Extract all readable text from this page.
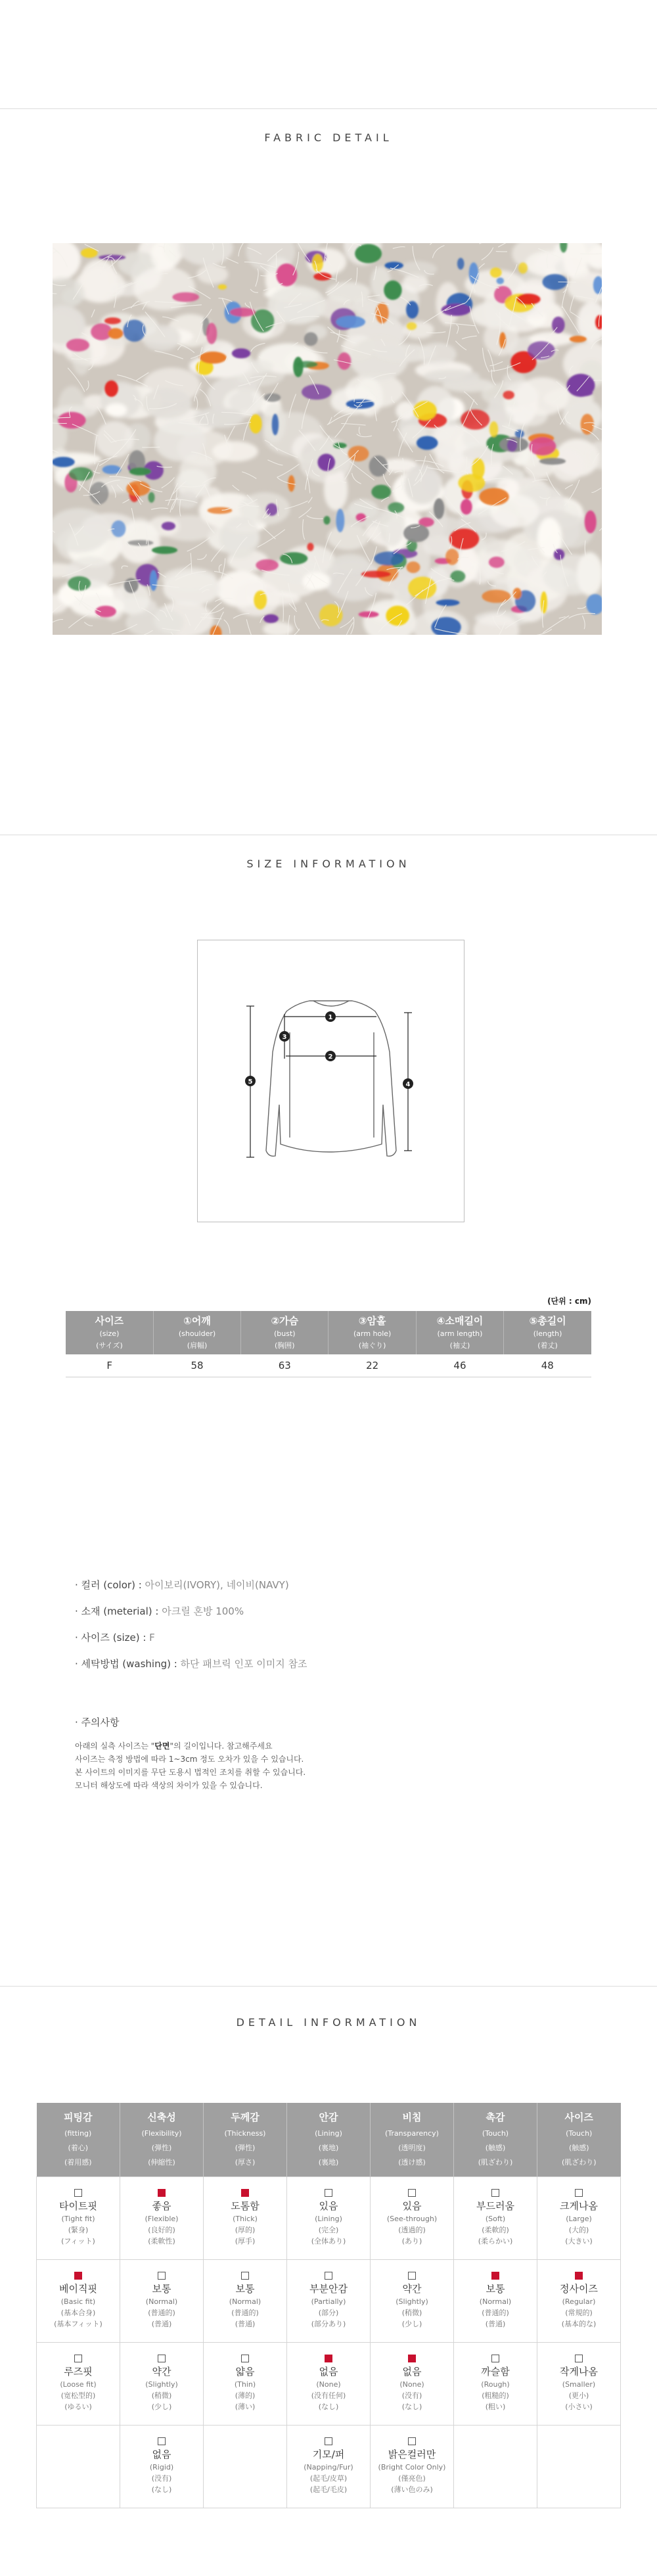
FABRIC DETAIL
SIZE INFORMATION
1
2
3
4
5
(단위 : cm)
사이즈
(size)
(サイズ)	①어깨
(shoulder)
(肩幅)	②가슴
(bust)
(胸囲)	③암홀
(arm hole)
(袖ぐり)	④소매길이
(arm length)
(袖丈)	⑤총길이
(length)
(着丈)

F	58	63	22	46	48
· 컬러 (color) : 아이보리(IVORY), 네이비(NAVY)
· 소재 (meterial) : 아크릴 혼방 100%
· 사이즈 (size) : F
· 세탁방법 (washing) : 하단 패브릭 인포 이미지 참조
· 주의사항
아래의 실측 사이즈는 "단면"의 길이입니다. 참고해주세요
사이즈는 측정 방법에 따라 1~3cm 정도 오차가 있을 수 있습니다.
본 사이트의 이미지를 무단 도용시 법적인 조치를 취할 수 있습니다.
모니터 해상도에 따라 색상의 차이가 있을 수 있습니다.
DETAIL INFORMATION
피팅감
(fitting)
(着心)
(着用感)	신축성
(Flexibility)
(弾性)
(伸縮性)	두께감
(Thickness)
(弾性)
(厚さ)	안감
(Lining)
(裏地)
(裏地)	비침
(Transparency)
(透明度)
(透け感)	촉감
(Touch)
(触感)
(肌ざわり)	사이즈
(Touch)
(触感)
(肌ざわり)

타이트핏
(Tight fit)
(緊身)
(フィット)	좋음
(Flexible)
(良好的)
(柔軟性)	도톰함
(Thick)
(厚的)
(厚手)	있음
(Lining)
(完全)
(全体あり)	있음
(See-through)
(透過的)
(あり)	부드러움
(Soft)
(柔軟的)
(柔らかい)	크게나옴
(Large)
(大的)
(大きい)

베이직핏
(Basic fit)
(基本合身)
(基本フィット)	보통
(Normal)
(普通的)
(普通)	보통
(Normal)
(普通的)
(普通)	부분안감
(Partially)
(部分)
(部分あり)	약간
(Slightly)
(稍微)
(少し)	보통
(Normal)
(普通的)
(普通)	정사이즈
(Regular)
(常規的)
(基本的な)

루즈핏
(Loose fit)
(宽松型的)
(ゆるい)	약간
(Slightly)
(稍微)
(少し)	얇음
(Thin)
(薄的)
(薄い)	없음
(None)
(没有任何)
(なし)	없음
(None)
(没有)
(なし)	까슬함
(Rough)
(粗糙的)
(粗い)	작게나옴
(Smaller)
(更小)
(小さい)

	없음
(Rigid)
(没有)
(なし)		기모/퍼
(Napping/Fur)
(起毛/皮草)
(起毛/毛皮)	밝은컬러만
(Bright Color Only)
(僅亮色)
(薄い色のみ)		
